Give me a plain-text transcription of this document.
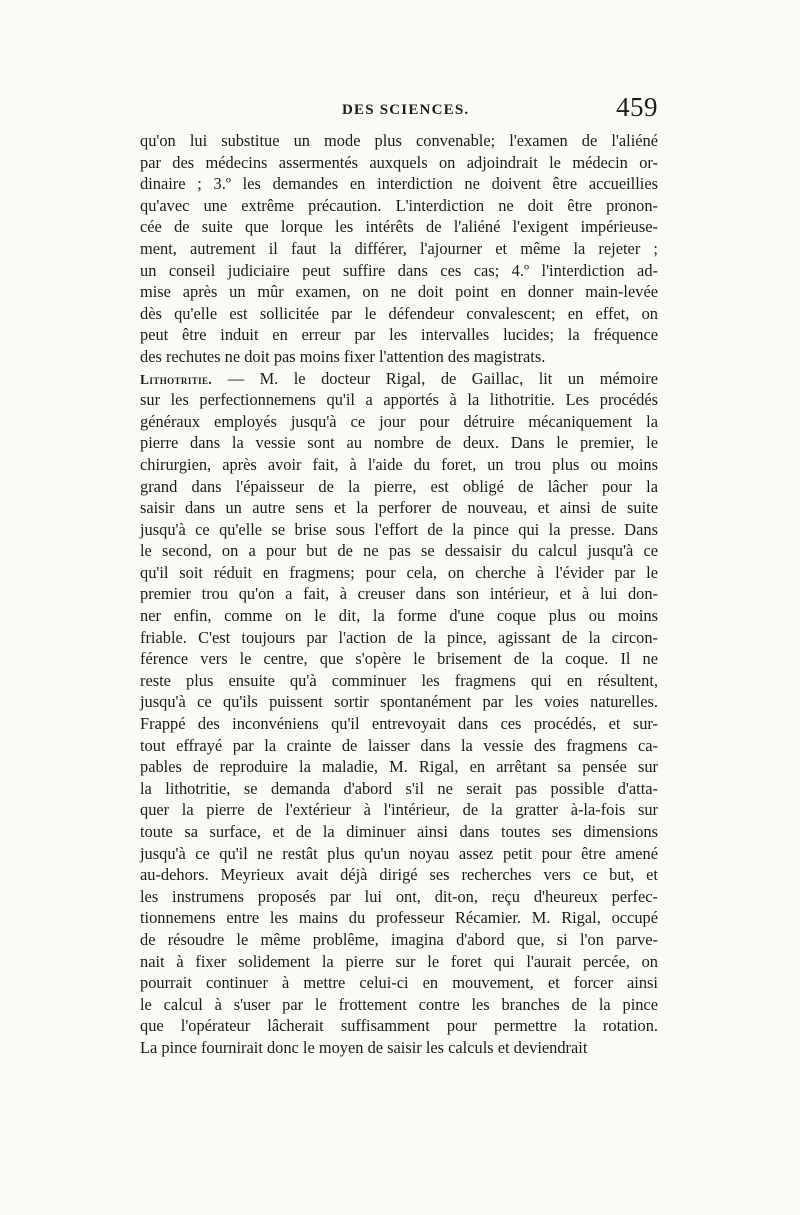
DES SCIENCES.	459
qu'on lui substitue un mode plus convenable; l'examen de l'aliéné
par des médecins assermentés auxquels on adjoindrait le médecin or-
dinaire ; 3.º les demandes en interdiction ne doivent être accueillies
qu'avec une extrême précaution. L'interdiction ne doit être pronon-
cée de suite que lorque les intérêts de l'aliéné l'exigent impérieuse-
ment, autrement il faut la différer, l'ajourner et même la rejeter ;
un conseil judiciaire peut suffire dans ces cas; 4.º l'interdiction ad-
mise après un mûr examen, on ne doit point en donner main-levée
dès qu'elle est sollicitée par le défendeur convalescent; en effet, on
peut être induit en erreur par les intervalles lucides; la fréquence
des rechutes ne doit pas moins fixer l'attention des magistrats.
Lithotritie. — M. le docteur Rigal, de Gaillac, lit un mémoire
sur les perfectionnemens qu'il a apportés à la lithotritie. Les procédés
généraux employés jusqu'à ce jour pour détruire mécaniquement la
pierre dans la vessie sont au nombre de deux. Dans le premier, le
chirurgien, après avoir fait, à l'aide du foret, un trou plus ou moins
grand dans l'épaisseur de la pierre, est obligé de lâcher pour la
saisir dans un autre sens et la perforer de nouveau, et ainsi de suite
jusqu'à ce qu'elle se brise sous l'effort de la pince qui la presse. Dans
le second, on a pour but de ne pas se dessaisir du calcul jusqu'à ce
qu'il soit réduit en fragmens; pour cela, on cherche à l'évider par le
premier trou qu'on a fait, à creuser dans son intérieur, et à lui don-
ner enfin, comme on le dit, la forme d'une coque plus ou moins
friable. C'est toujours par l'action de la pince, agissant de la circon-
férence vers le centre, que s'opère le brisement de la coque. Il ne
reste plus ensuite qu'à comminuer les fragmens qui en résultent,
jusqu'à ce qu'ils puissent sortir spontanément par les voies naturelles.
Frappé des inconvéniens qu'il entrevoyait dans ces procédés, et sur-
tout effrayé par la crainte de laisser dans la vessie des fragmens ca-
pables de reproduire la maladie, M. Rigal, en arrêtant sa pensée sur
la lithotritie, se demanda d'abord s'il ne serait pas possible d'atta-
quer la pierre de l'extérieur à l'intérieur, de la gratter à-la-fois sur
toute sa surface, et de la diminuer ainsi dans toutes ses dimensions
jusqu'à ce qu'il ne restât plus qu'un noyau assez petit pour être amené
au-dehors. Meyrieux avait déjà dirigé ses recherches vers ce but, et
les instrumens proposés par lui ont, dit-on, reçu d'heureux perfec-
tionnemens entre les mains du professeur Récamier. M. Rigal, occupé
de résoudre le même problême, imagina d'abord que, si l'on parve-
nait à fixer solidement la pierre sur le foret qui l'aurait percée, on
pourrait continuer à mettre celui-ci en mouvement, et forcer ainsi
le calcul à s'user par le frottement contre les branches de la pince
que l'opérateur lâcherait suffisamment pour permettre la rotation.
La pince fournirait donc le moyen de saisir les calculs et deviendrait
